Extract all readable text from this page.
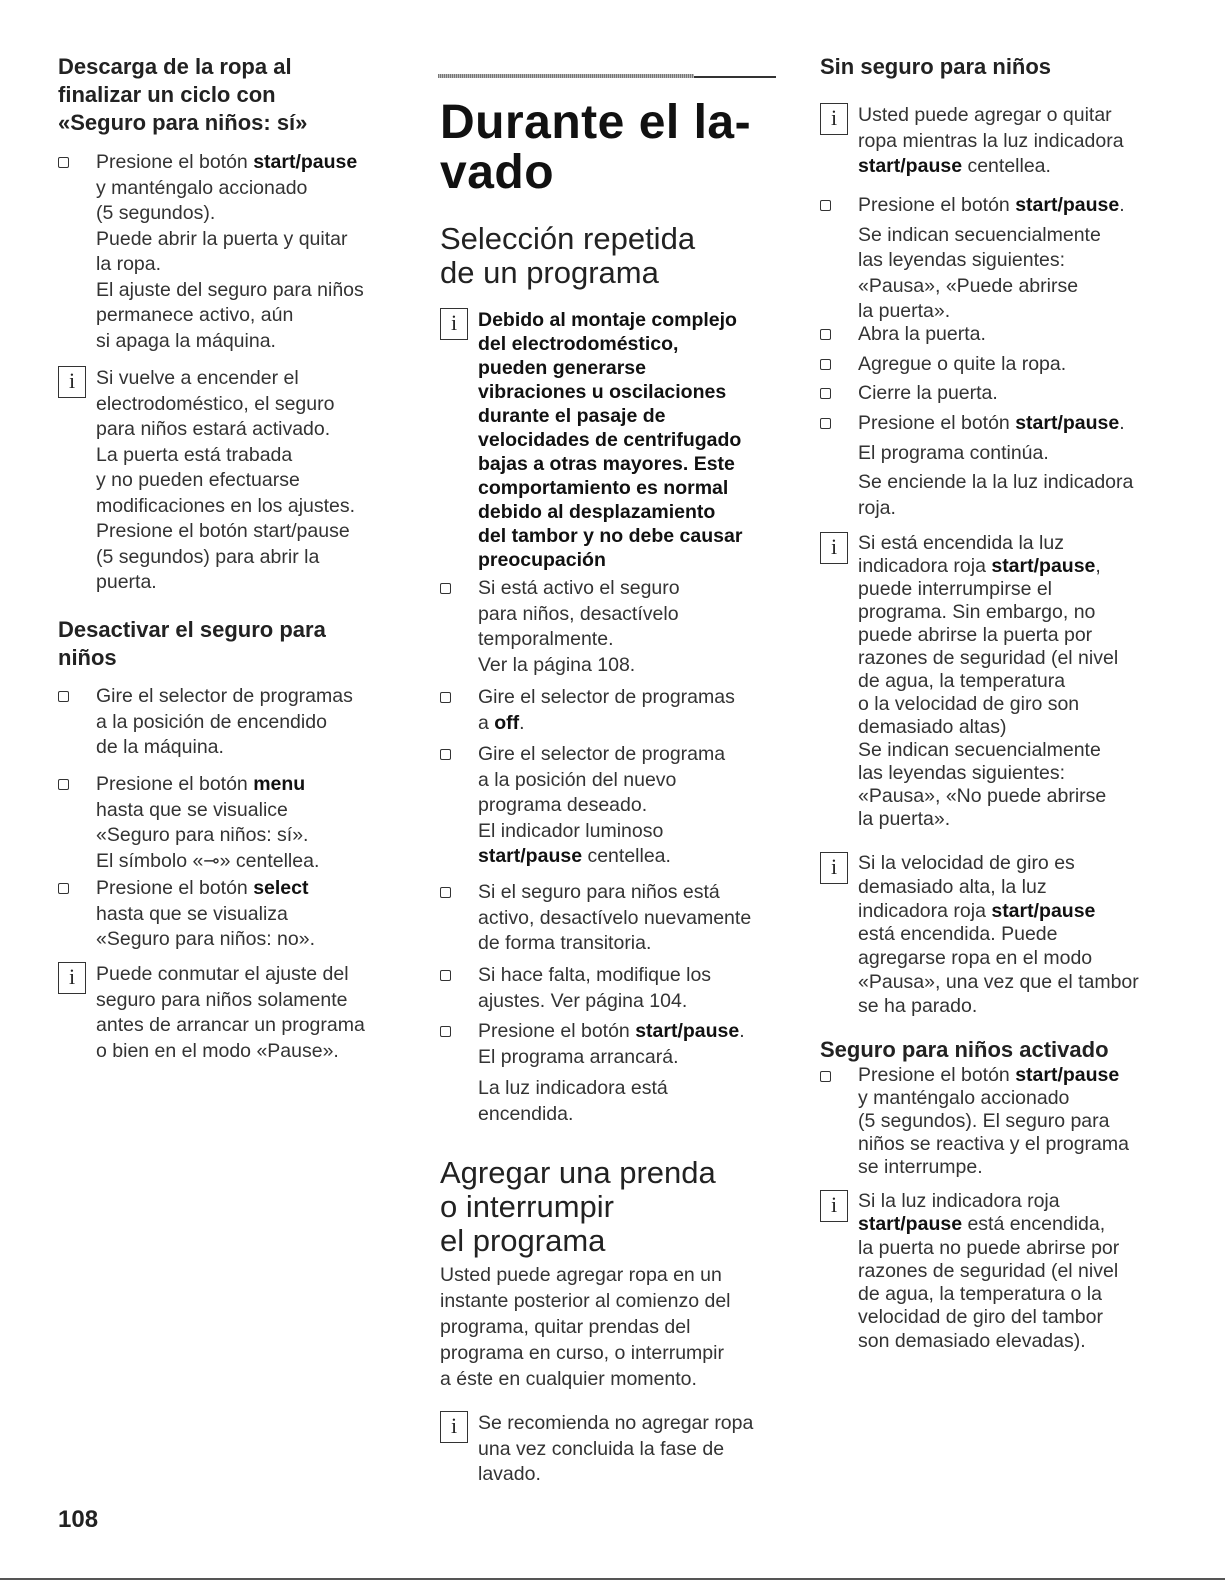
Descarga de la ropa al
finalizar un ciclo con
«Seguro para niños: sí»
Presione el botón start/pause
y manténgalo accionado
(5 segundos).
Puede abrir la puerta y quitar
la ropa.
El ajuste del seguro para niños
permanece activo, aún
si apaga la máquina.
i	Si vuelve a encender el
electrodoméstico, el seguro
para niños estará activado.
La puerta está trabada
y no pueden efectuarse
modificaciones en los ajustes.
Presione el botón start/pause
(5 segundos) para abrir la
puerta.
Desactivar el seguro para
niños
Gire el selector de programas
a la posición de encendido
de la máquina.
Presione el botón menu
hasta que se visualice
«Seguro para niños: sí».
El símbolo «⊸» centellea.
Presione el botón select
hasta que se visualiza
«Seguro para niños: no».
i	Puede conmutar el ajuste del
seguro para niños solamente
antes de arrancar un programa
o bien en el modo «Pause».
Durante el la-
vado
Selección repetida
de un programa
i	Debido al montaje complejo
del electrodoméstico,
pueden generarse
vibraciones u oscilaciones
durante el pasaje de
velocidades de centrifugado
bajas a otras mayores. Este
comportamiento es normal
debido al desplazamiento
del tambor y no debe causar
preocupación
Si está activo el seguro
para niños, desactívelo
temporalmente.
Ver la página 108.
Gire el selector de programas
a off.
Gire el selector de programa
a la posición del nuevo
programa deseado.
El indicador luminoso
start/pause centellea.
Si el seguro para niños está
activo, desactívelo nuevamente
de forma transitoria.
Si hace falta, modifique los
ajustes. Ver página 104.
Presione el botón start/pause.
El programa arrancará.
La luz indicadora está
encendida.
Agregar una prenda
o interrumpir
el programa
Usted puede agregar ropa en un
instante posterior al comienzo del
programa, quitar prendas del
programa en curso, o interrumpir
a éste en cualquier momento.
i	Se recomienda no agregar ropa
una vez concluida la fase de
lavado.
Sin seguro para niños
i	Usted puede agregar o quitar
ropa mientras la luz indicadora
start/pause centellea.
Presione el botón start/pause.
Se indican secuencialmente
las leyendas siguientes:
«Pausa», «Puede abrirse
la puerta».
Abra la puerta.
Agregue o quite la ropa.
Cierre la puerta.
Presione el botón start/pause.
El programa continúa.
Se enciende la la luz indicadora
roja.
i	Si está encendida la luz
indicadora roja start/pause,
puede interrumpirse el
programa. Sin embargo, no
puede abrirse la puerta por
razones de seguridad (el nivel
de agua, la temperatura
o la velocidad de giro son
demasiado altas)
Se indican secuencialmente
las leyendas siguientes:
«Pausa», «No puede abrirse
la puerta».
i	Si la velocidad de giro es
demasiado alta, la luz
indicadora roja start/pause
está encendida. Puede
agregarse ropa en el modo
«Pausa», una vez que el tambor
se ha parado.
Seguro para niños activado
Presione el botón start/pause
y manténgalo accionado
(5 segundos). El seguro para
niños se reactiva y el programa
se interrumpe.
i	Si la luz indicadora roja
start/pause está encendida,
la puerta no puede abrirse por
razones de seguridad (el nivel
de agua, la temperatura o la
velocidad de giro del tambor
son demasiado elevadas).
108
